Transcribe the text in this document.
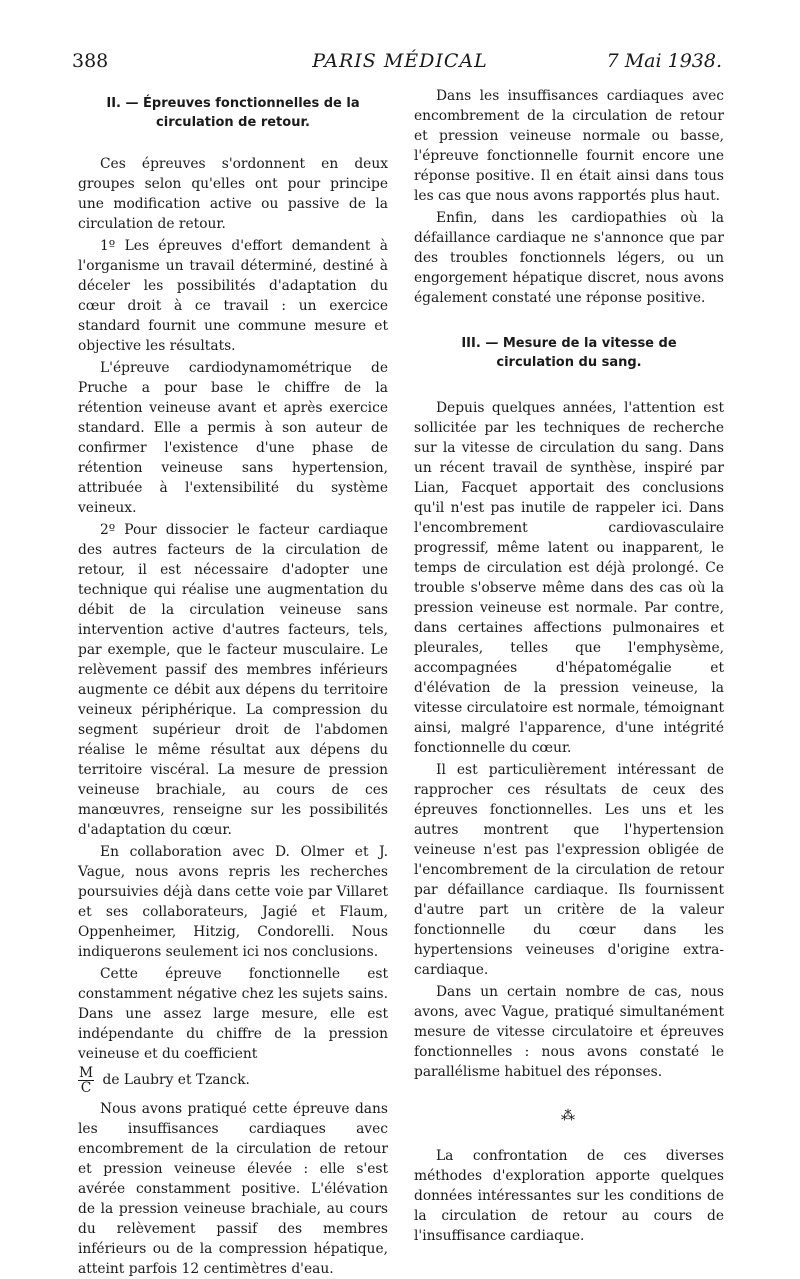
388	PARIS MÉDICAL	7 Mai 1938.
II. — Épreuves fonctionnelles de la circulation de retour.

Ces épreuves s'ordonnent en deux groupes selon qu'elles ont pour principe une modification active ou passive de la circulation de retour.

1º Les épreuves d'effort demandent à l'organisme un travail déterminé, destiné à déceler les possibilités d'adaptation du cœur droit à ce travail : un exercice standard fournit une commune mesure et objective les résultats.

L'épreuve cardiodynamométrique de Pruche a pour base le chiffre de la rétention veineuse avant et après exercice standard. Elle a permis à son auteur de confirmer l'existence d'une phase de rétention veineuse sans hypertension, attribuée à l'extensibilité du système veineux.

2º Pour dissocier le facteur cardiaque des autres facteurs de la circulation de retour, il est nécessaire d'adopter une technique qui réalise une augmentation du débit de la circulation veineuse sans intervention active d'autres facteurs, tels, par exemple, que le facteur musculaire. Le relèvement passif des membres inférieurs augmente ce débit aux dépens du territoire veineux périphérique. La compression du segment supérieur droit de l'abdomen réalise le même résultat aux dépens du territoire viscéral. La mesure de pression veineuse brachiale, au cours de ces manœuvres, renseigne sur les possibilités d'adaptation du cœur.

En collaboration avec D. Olmer et J. Vague, nous avons repris les recherches poursuivies déjà dans cette voie par Villaret et ses collaborateurs, Jagié et Flaum, Oppenheimer, Hitzig, Condorelli. Nous indiquerons seulement ici nos conclusions.

Cette épreuve fonctionnelle est constamment négative chez les sujets sains. Dans une assez large mesure, elle est indépendante du chiffre de la pression veineuse et du coefficient

$\frac{M}{C}$ de Laubry et Tzanck.

Nous avons pratiqué cette épreuve dans les insuffisances cardiaques avec encombrement de la circulation de retour et pression veineuse élevée : elle s'est avérée constamment positive. L'élévation de la pression veineuse brachiale, au cours du relèvement passif des membres inférieurs ou de la compression hépatique, atteint parfois 12 centimètres d'eau.

Dans les insuffisances cardiaques avec encombrement de la circulation de retour et pression veineuse normale ou basse, l'épreuve fonctionnelle fournit encore une réponse positive. Il en était ainsi dans tous les cas que nous avons rapportés plus haut.

Enfin, dans les cardiopathies où la défaillance cardiaque ne s'annonce que par des troubles fonctionnels légers, ou un engorgement hépatique discret, nous avons également constaté une réponse positive.

III. — Mesure de la vitesse de circulation du sang.

Depuis quelques années, l'attention est sollicitée par les techniques de recherche sur la vitesse de circulation du sang. Dans un récent travail de synthèse, inspiré par Lian, Facquet apportait des conclusions qu'il n'est pas inutile de rappeler ici. Dans l'encombrement cardiovasculaire progressif, même latent ou inapparent, le temps de circulation est déjà prolongé. Ce trouble s'observe même dans des cas où la pression veineuse est normale. Par contre, dans certaines affections pulmonaires et pleurales, telles que l'emphysème, accompagnées d'hépatomégalie et d'élévation de la pression veineuse, la vitesse circulatoire est normale, témoignant ainsi, malgré l'apparence, d'une intégrité fonctionnelle du cœur.

Il est particulièrement intéressant de rapprocher ces résultats de ceux des épreuves fonctionnelles. Les uns et les autres montrent que l'hypertension veineuse n'est pas l'expression obligée de l'encombrement de la circulation de retour par défaillance cardiaque. Ils fournissent d'autre part un critère de la valeur fonctionnelle du cœur dans les hypertensions veineuses d'origine extra-cardiaque.

Dans un certain nombre de cas, nous avons, avec Vague, pratiqué simultanément mesure de vitesse circulatoire et épreuves fonctionnelles : nous avons constaté le parallélisme habituel des réponses.

⁂

La confrontation de ces diverses méthodes d'exploration apporte quelques données intéressantes sur les conditions de la circulation de retour au cours de l'insuffisance cardiaque.
